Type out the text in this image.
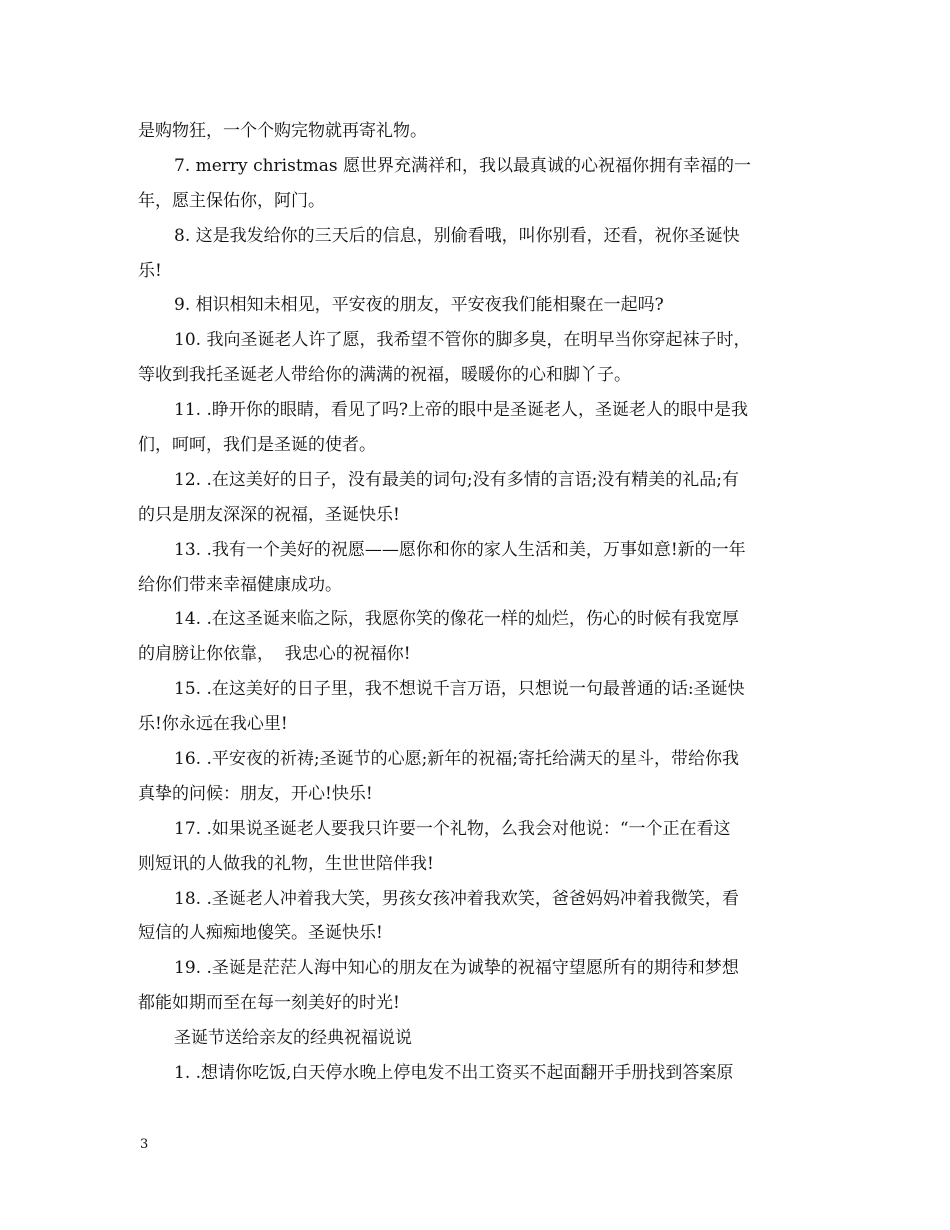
是购物狂，一个个购完物就再寄礼物。
7. merry christmas 愿世界充满祥和，我以最真诚的心祝福你拥有幸福的一
年，愿主保佑你，阿门。
8. 这是我发给你的三天后的信息，别偷看哦，叫你别看，还看，祝你圣诞快
乐!
9. 相识相知未相见，平安夜的朋友，平安夜我们能相聚在一起吗?
10. 我向圣诞老人许了愿，我希望不管你的脚多臭，在明早当你穿起袜子时，
等收到我托圣诞老人带给你的满满的祝福，暖暖你的心和脚丫子。
11. .睁开你的眼睛，看见了吗?上帝的眼中是圣诞老人，圣诞老人的眼中是我
们，呵呵，我们是圣诞的使者。
12. .在这美好的日子，没有最美的词句;没有多情的言语;没有精美的礼品;有
的只是朋友深深的祝福，圣诞快乐!
13. .我有一个美好的祝愿——愿你和你的家人生活和美，万事如意!新的一年
给你们带来幸福健康成功。
14. .在这圣诞来临之际，我愿你笑的像花一样的灿烂，伤心的时候有我宽厚
的肩膀让你依靠，  我忠心的祝福你!
15. .在这美好的日子里，我不想说千言万语，只想说一句最普通的话:圣诞快
乐!你永远在我心里!
16. .平安夜的祈祷;圣诞节的心愿;新年的祝福;寄托给满天的星斗，带给你我
真挚的问候：朋友，开心!快乐!
17. .如果说圣诞老人要我只许要一个礼物，么我会对他说：“一个正在看这
则短讯的人做我的礼物，生世世陪伴我!
18. .圣诞老人冲着我大笑，男孩女孩冲着我欢笑，爸爸妈妈冲着我微笑，看
短信的人痴痴地傻笑。圣诞快乐!
19. .圣诞是茫茫人海中知心的朋友在为诚挚的祝福守望愿所有的期待和梦想
都能如期而至在每一刻美好的时光!
圣诞节送给亲友的经典祝福说说
1. .想请你吃饭,白天停水晚上停电发不出工资买不起面翻开手册找到答案原
3
